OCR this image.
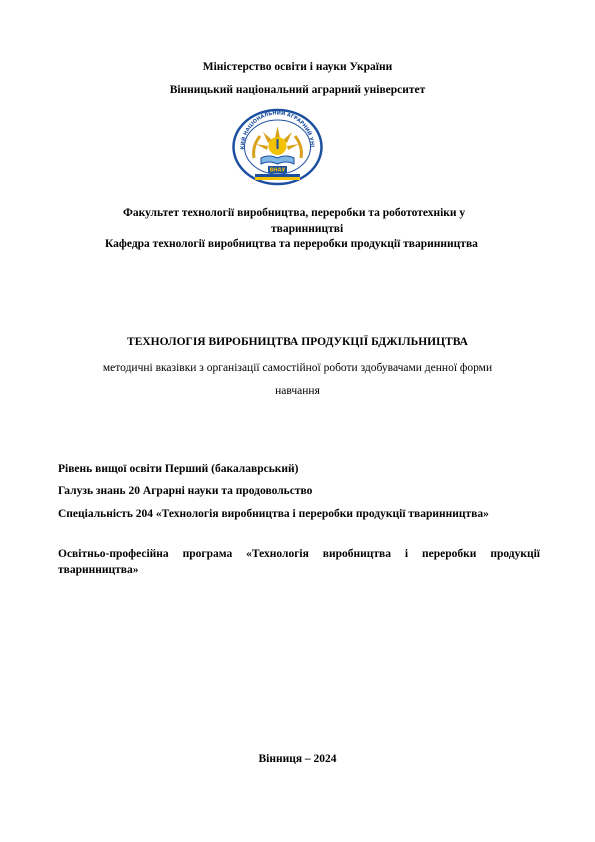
Міністерство освіти і науки України
Вінницький національний аграрний університет
КИЙ НАЦІОНАЛЬНИЙ АГРАРНИЙ УНІ
ВНАУ
Факультет технології виробництва, переробки та робототехніки у
тваринництві
Кафедра технології виробництва та переробки продукції тваринництва
ТЕХНОЛОГІЯ ВИРОБНИЦТВА ПРОДУКЦІЇ БДЖІЛЬНИЦТВА
методичні вказівки з організації самостійної роботи здобувачами денної форми
навчання
Рівень вищої освіти Перший (бакалаврський)
Галузь знань 20 Аграрні науки та продовольство
Спеціальність 204 «Технологія виробництва і переробки продукції тваринництва»
Освітньо-професійна програма «Технологія виробництва і переробки продукції тваринництва»
Вінниця – 2024
